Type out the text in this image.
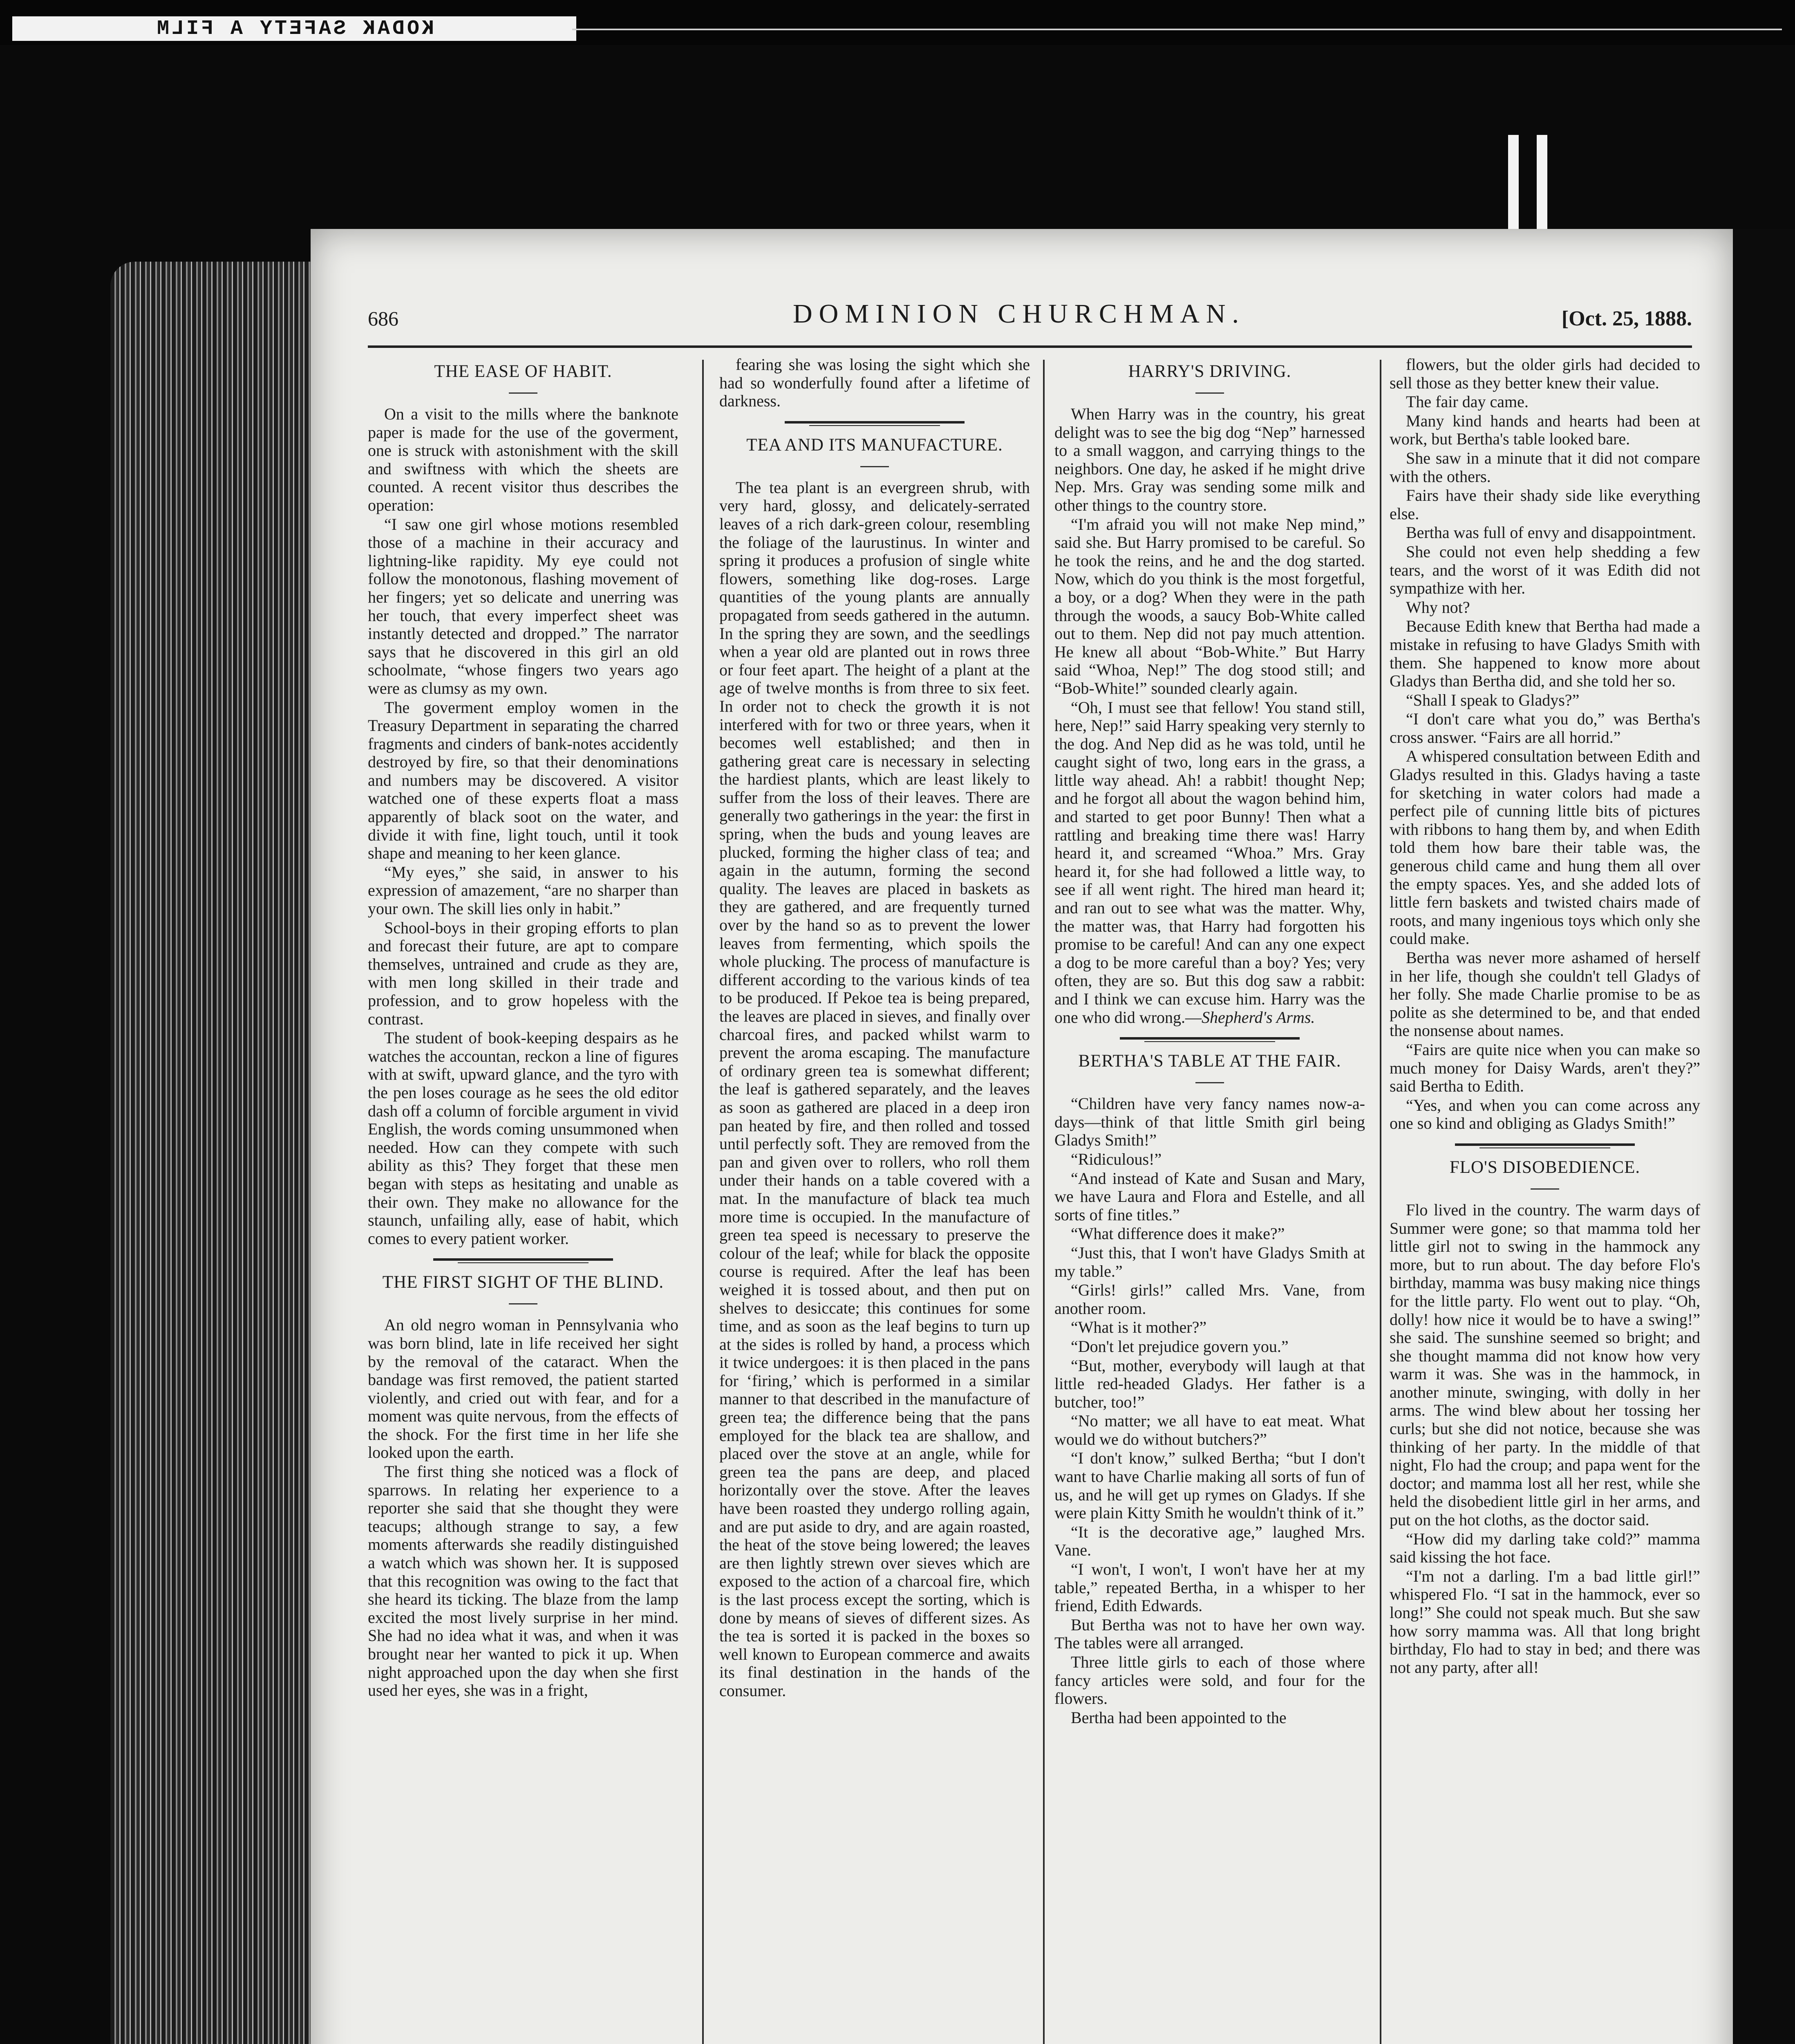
KODAK SAFETY A FILM
686	DOMINION CHURCHMAN.	[Oct. 25, 1888.
THE EASE OF HABIT.

On a visit to the mills where the banknote paper is made for the use of the goverment, one is struck with astonishment with the skill and swiftness with which the sheets are counted. A recent visitor thus describes the operation:

“I saw one girl whose motions resembled those of a machine in their accuracy and lightning-like rapidity. My eye could not follow the monotonous, flashing movement of her fingers; yet so delicate and unerring was her touch, that every imperfect sheet was instantly detected and dropped.” The narrator says that he discovered in this girl an old schoolmate, “whose fingers two years ago were as clumsy as my own.

The goverment employ women in the Treasury Department in separating the charred fragments and cinders of bank-notes accidently destroyed by fire, so that their denominations and numbers may be discovered. A visitor watched one of these experts float a mass apparently of black soot on the water, and divide it with fine, light touch, until it took shape and meaning to her keen glance.

“My eyes,” she said, in answer to his expression of amazement, “are no sharper than your own. The skill lies only in habit.”

School-boys in their groping efforts to plan and forecast their future, are apt to compare themselves, untrained and crude as they are, with men long skilled in their trade and profession, and to grow hopeless with the contrast.

The student of book-keeping despairs as he watches the accountan, reckon a line of figures with at swift, upward glance, and the tyro with the pen loses courage as he sees the old editor dash off a column of forcible argument in vivid English, the words coming unsummoned when needed. How can they compete with such ability as this? They forget that these men began with steps as hesitating and unable as their own. They make no allowance for the staunch, unfailing ally, ease of habit, which comes to every patient worker.

THE FIRST SIGHT OF THE BLIND.

An old negro woman in Pennsylvania who was born blind, late in life received her sight by the removal of the cataract. When the bandage was first removed, the patient started violently, and cried out with fear, and for a moment was quite nervous, from the effects of the shock. For the first time in her life she looked upon the earth.

The first thing she noticed was a flock of sparrows. In relating her experience to a reporter she said that she thought they were teacups; although strange to say, a few moments afterwards she readily distinguished a watch which was shown her. It is supposed that this recognition was owing to the fact that she heard its ticking. The blaze from the lamp excited the most lively surprise in her mind. She had no idea what it was, and when it was brought near her wanted to pick it up. When night approached upon the day when she first used her eyes, she was in a fright,

fearing she was losing the sight which she had so wonderfully found after a lifetime of darkness.

TEA AND ITS MANUFACTURE.

The tea plant is an evergreen shrub, with very hard, glossy, and delicately-serrated leaves of a rich dark-green colour, resembling the foliage of the laurustinus. In winter and spring it produces a profusion of single white flowers, something like dog-roses. Large quantities of the young plants are annually propagated from seeds gathered in the autumn. In the spring they are sown, and the seedlings when a year old are planted out in rows three or four feet apart. The height of a plant at the age of twelve months is from three to six feet. In order not to check the growth it is not interfered with for two or three years, when it becomes well established; and then in gathering great care is necessary in selecting the hardiest plants, which are least likely to suffer from the loss of their leaves. There are generally two gatherings in the year: the first in spring, when the buds and young leaves are plucked, forming the higher class of tea; and again in the autumn, forming the second quality. The leaves are placed in baskets as they are gathered, and are frequently turned over by the hand so as to prevent the lower leaves from fermenting, which spoils the whole plucking. The process of manufacture is different according to the various kinds of tea to be produced. If Pekoe tea is being prepared, the leaves are placed in sieves, and finally over charcoal fires, and packed whilst warm to prevent the aroma escaping. The manufacture of ordinary green tea is somewhat different; the leaf is gathered separately, and the leaves as soon as gathered are placed in a deep iron pan heated by fire, and then rolled and tossed until perfectly soft. They are removed from the pan and given over to rollers, who roll them under their hands on a table covered with a mat. In the manufacture of black tea much more time is occupied. In the manufacture of green tea speed is necessary to preserve the colour of the leaf; while for black the opposite course is required. After the leaf has been weighed it is tossed about, and then put on shelves to desiccate; this continues for some time, and as soon as the leaf begins to turn up at the sides is rolled by hand, a process which it twice undergoes: it is then placed in the pans for ‘firing,’ which is performed in a similar manner to that described in the manufacture of green tea; the difference being that the pans employed for the black tea are shallow, and placed over the stove at an angle, while for green tea the pans are deep, and placed horizontally over the stove. After the leaves have been roasted they undergo rolling again, and are put aside to dry, and are again roasted, the heat of the stove being lowered; the leaves are then lightly strewn over sieves which are exposed to the action of a charcoal fire, which is the last process except the sorting, which is done by means of sieves of different sizes. As the tea is sorted it is packed in the boxes so well known to European commerce and awaits its final destination in the hands of the consumer.

HARRY'S DRIVING.

When Harry was in the country, his great delight was to see the big dog “Nep” harnessed to a small waggon, and carrying things to the neighbors. One day, he asked if he might drive Nep. Mrs. Gray was sending some milk and other things to the country store.

“I'm afraid you will not make Nep mind,” said she. But Harry promised to be careful. So he took the reins, and he and the dog started. Now, which do you think is the most forgetful, a boy, or a dog? When they were in the path through the woods, a saucy Bob-White called out to them. Nep did not pay much attention. He knew all about “Bob-White.” But Harry said “Whoa, Nep!” The dog stood still; and “Bob-White!” sounded clearly again.

“Oh, I must see that fellow! You stand still, here, Nep!” said Harry speaking very sternly to the dog. And Nep did as he was told, until he caught sight of two, long ears in the grass, a little way ahead. Ah! a rabbit! thought Nep; and he forgot all about the wagon behind him, and started to get poor Bunny! Then what a rattling and breaking time there was! Harry heard it, and screamed “Whoa.” Mrs. Gray heard it, for she had followed a little way, to see if all went right. The hired man heard it; and ran out to see what was the matter. Why, the matter was, that Harry had forgotten his promise to be careful! And can any one expect a dog to be more careful than a boy? Yes; very often, they are so. But this dog saw a rabbit: and I think we can excuse him. Harry was the one who did wrong.—Shepherd's Arms.

BERTHA'S TABLE AT THE FAIR.

“Children have very fancy names now-a-days—think of that little Smith girl being Gladys Smith!”

“Ridiculous!”

“And instead of Kate and Susan and Mary, we have Laura and Flora and Estelle, and all sorts of fine titles.”

“What difference does it make?”

“Just this, that I won't have Gladys Smith at my table.”

“Girls! girls!” called Mrs. Vane, from another room.

“What is it mother?”

“Don't let prejudice govern you.”

“But, mother, everybody will laugh at that little red-headed Gladys. Her father is a butcher, too!”

“No matter; we all have to eat meat. What would we do without butchers?”

“I don't know,” sulked Bertha; “but I don't want to have Charlie making all sorts of fun of us, and he will get up rymes on Gladys. If she were plain Kitty Smith he wouldn't think of it.”

“It is the decorative age,” laughed Mrs. Vane.

“I won't, I won't, I won't have her at my table,” repeated Bertha, in a whisper to her friend, Edith Edwards.

But Bertha was not to have her own way. The tables were all arranged.

Three little girls to each of those where fancy articles were sold, and four for the flowers.

Bertha had been appointed to the

flowers, but the older girls had decided to sell those as they better knew their value.

The fair day came.

Many kind hands and hearts had been at work, but Bertha's table looked bare.

She saw in a minute that it did not compare with the others.

Fairs have their shady side like everything else.

Bertha was full of envy and disappointment.

She could not even help shedding a few tears, and the worst of it was Edith did not sympathize with her.

Why not?

Because Edith knew that Bertha had made a mistake in refusing to have Gladys Smith with them. She happened to know more about Gladys than Bertha did, and she told her so.

“Shall I speak to Gladys?”

“I don't care what you do,” was Bertha's cross answer. “Fairs are all horrid.”

A whispered consultation between Edith and Gladys resulted in this. Gladys having a taste for sketching in water colors had made a perfect pile of cunning little bits of pictures with ribbons to hang them by, and when Edith told them how bare their table was, the generous child came and hung them all over the empty spaces. Yes, and she added lots of little fern baskets and twisted chairs made of roots, and many ingenious toys which only she could make.

Bertha was never more ashamed of herself in her life, though she couldn't tell Gladys of her folly. She made Charlie promise to be as polite as she determined to be, and that ended the nonsense about names.

“Fairs are quite nice when you can make so much money for Daisy Wards, aren't they?” said Bertha to Edith.

“Yes, and when you can come across any one so kind and obliging as Gladys Smith!”

FLO'S DISOBEDIENCE.

Flo lived in the country. The warm days of Summer were gone; so that mamma told her little girl not to swing in the hammock any more, but to run about. The day before Flo's birthday, mamma was busy making nice things for the little party. Flo went out to play. “Oh, dolly! how nice it would be to have a swing!” she said. The sunshine seemed so bright; and she thought mamma did not know how very warm it was. She was in the hammock, in another minute, swinging, with dolly in her arms. The wind blew about her tossing her curls; but she did not notice, because she was thinking of her party. In the middle of that night, Flo had the croup; and papa went for the doctor; and mamma lost all her rest, while she held the disobedient little girl in her arms, and put on the hot cloths, as the doctor said.

“How did my darling take cold?” mamma said kissing the hot face.

“I'm not a darling. I'm a bad little girl!” whispered Flo. “I sat in the hammock, ever so long!” She could not speak much. But she saw how sorry mamma was. All that long bright birthday, Flo had to stay in bed; and there was not any party, after all!
